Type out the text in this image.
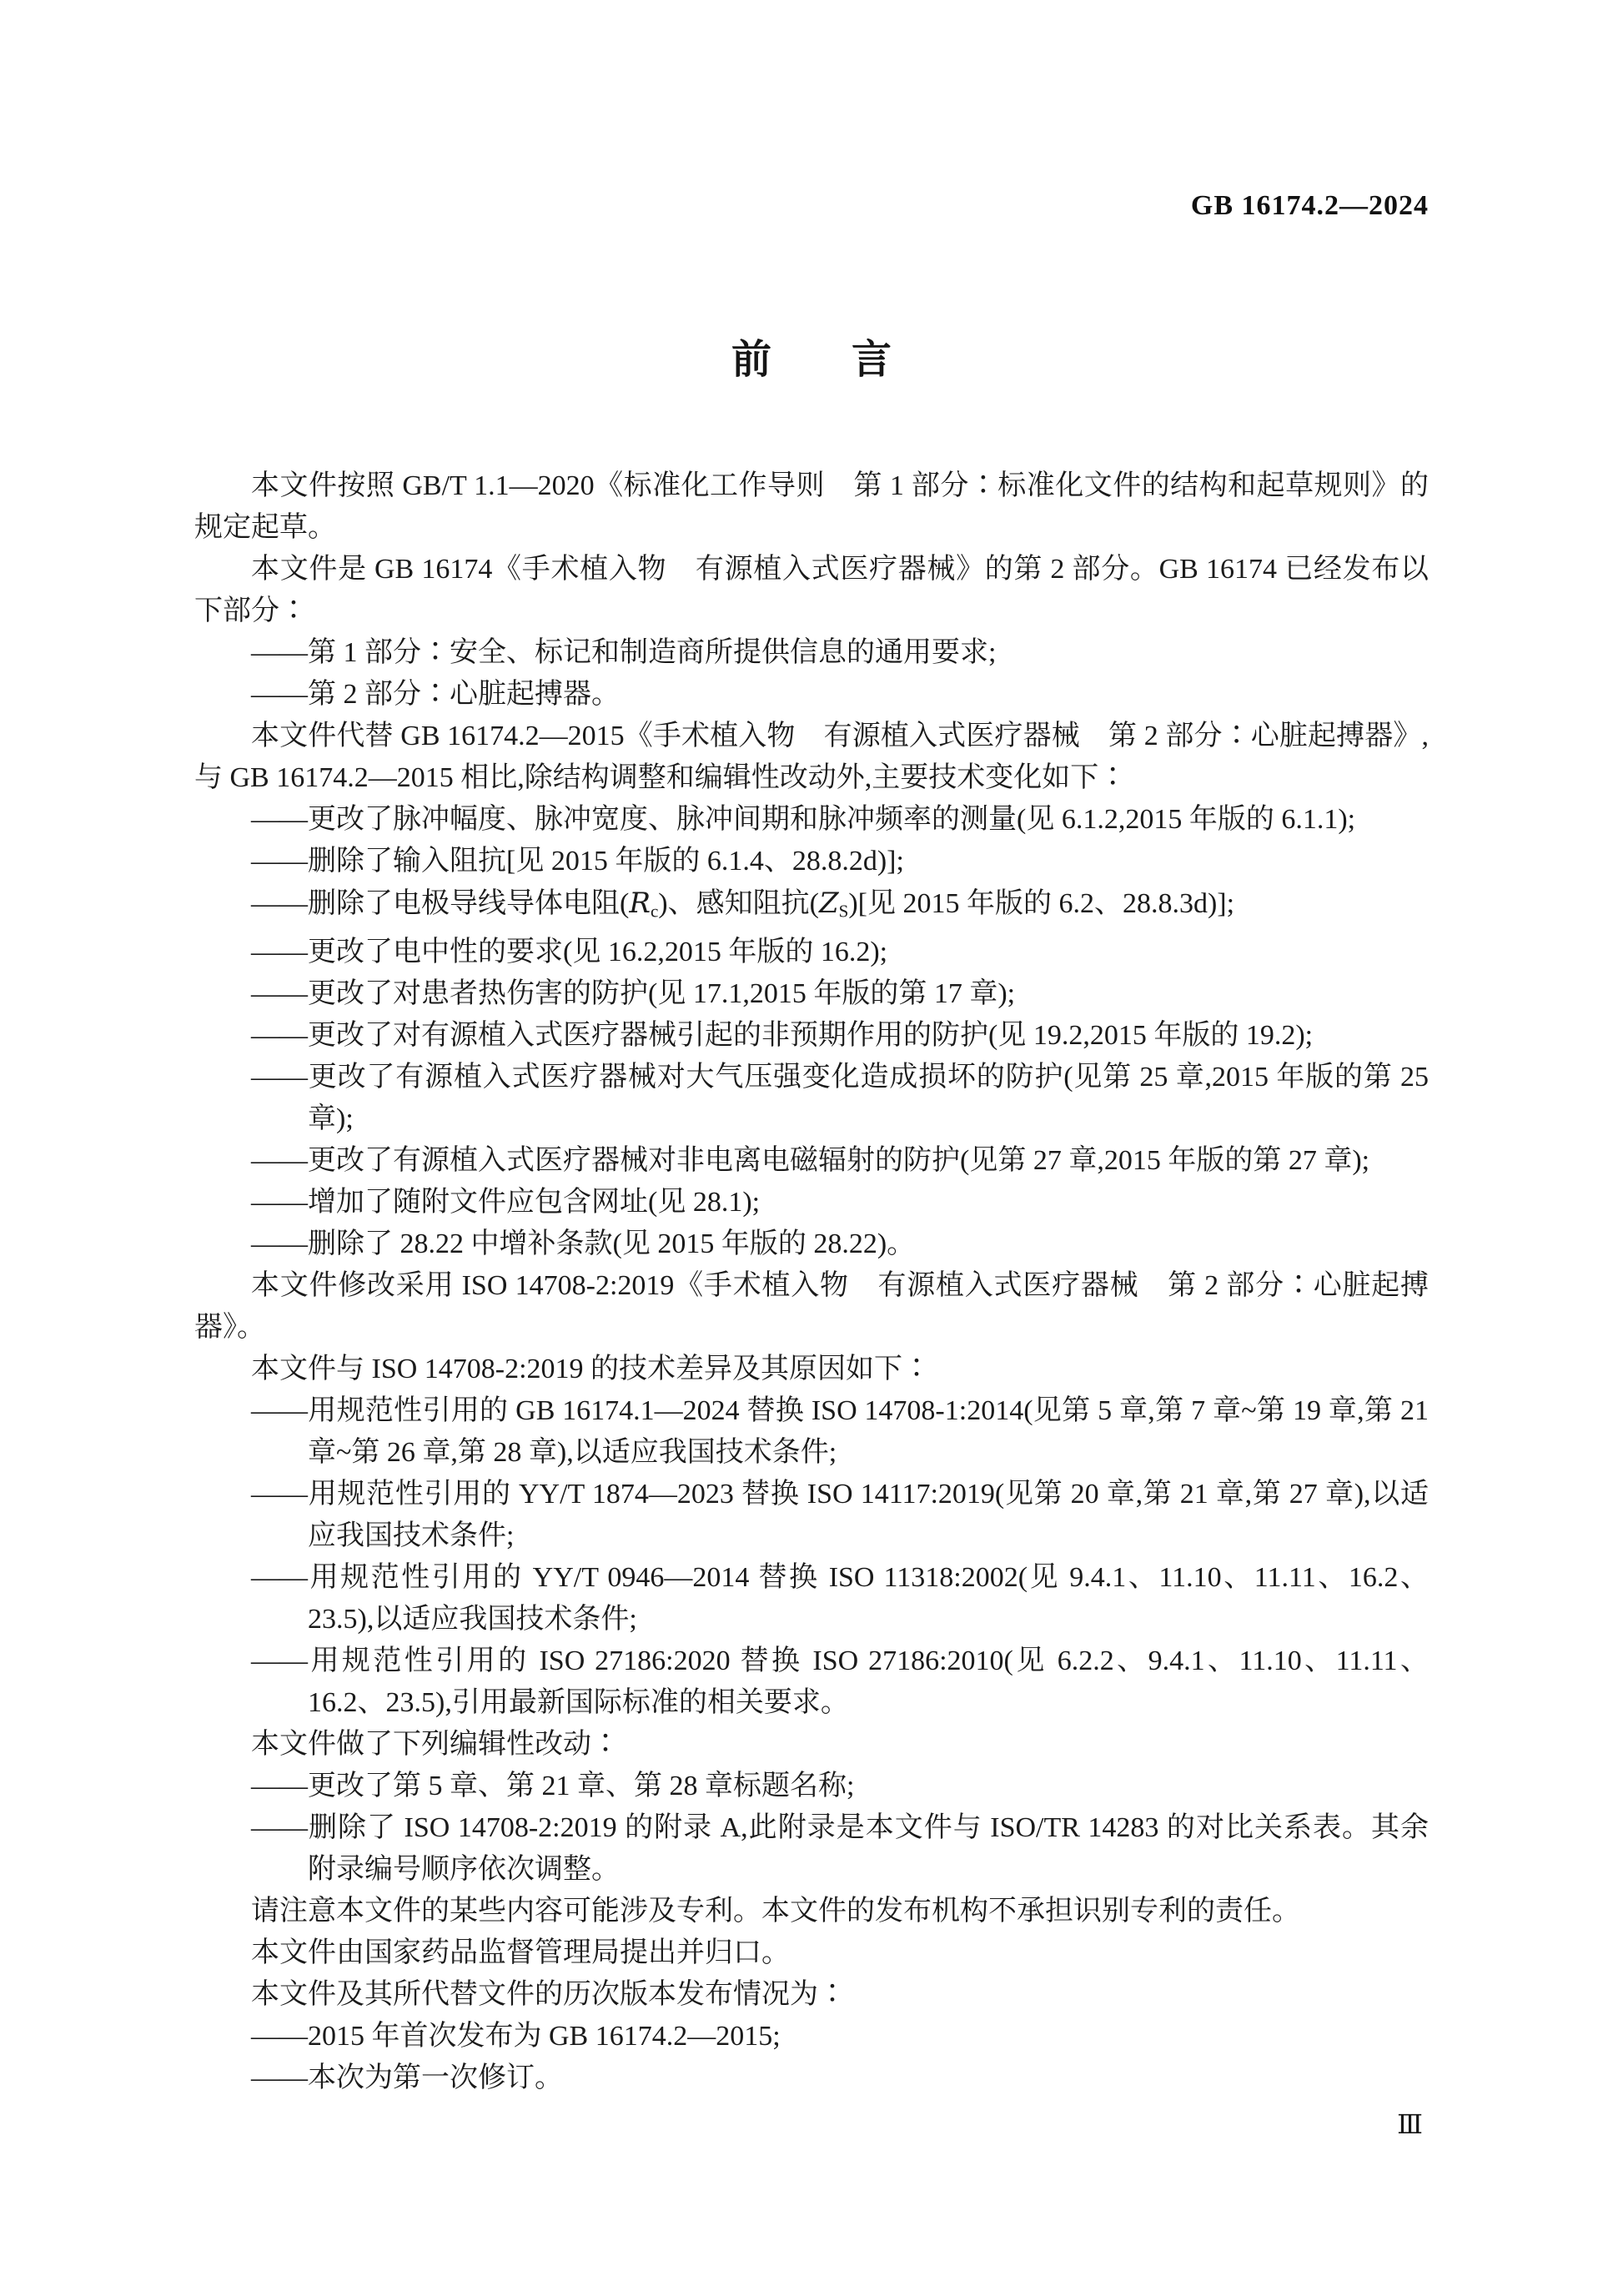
GB 16174.2—2024
前　　言

本文件按照 GB/T 1.1—2020《标准化工作导则　第 1 部分∶标准化文件的结构和起草规则》的规定起草。

本文件是 GB 16174《手术植入物　有源植入式医疗器械》的第 2 部分。GB 16174 已经发布以下部分∶

——第 1 部分∶安全、标记和制造商所提供信息的通用要求;

——第 2 部分∶心脏起搏器。

本文件代替 GB 16174.2—2015《手术植入物　有源植入式医疗器械　第 2 部分∶心脏起搏器》,与 GB 16174.2—2015 相比,除结构调整和编辑性改动外,主要技术变化如下∶

——更改了脉冲幅度、脉冲宽度、脉冲间期和脉冲频率的测量(见 6.1.2,2015 年版的 6.1.1);

——删除了输入阻抗[见 2015 年版的 6.1.4、28.8.2d)];

——删除了电极导线导体电阻(Rc)、感知阻抗(ZS)[见 2015 年版的 6.2、28.8.3d)];

——更改了电中性的要求(见 16.2,2015 年版的 16.2);

——更改了对患者热伤害的防护(见 17.1,2015 年版的第 17 章);

——更改了对有源植入式医疗器械引起的非预期作用的防护(见 19.2,2015 年版的 19.2);

——更改了有源植入式医疗器械对大气压强变化造成损坏的防护(见第 25 章,2015 年版的第 25 章);

——更改了有源植入式医疗器械对非电离电磁辐射的防护(见第 27 章,2015 年版的第 27 章);

——增加了随附文件应包含网址(见 28.1);

——删除了 28.22 中增补条款(见 2015 年版的 28.22)。

本文件修改采用 ISO 14708-2:2019《手术植入物　有源植入式医疗器械　第 2 部分∶心脏起搏器》。

本文件与 ISO 14708-2:2019 的技术差异及其原因如下∶

——用规范性引用的 GB 16174.1—2024 替换 ISO 14708-1:2014(见第 5 章,第 7 章~第 19 章,第 21 章~第 26 章,第 28 章),以适应我国技术条件;

——用规范性引用的 YY/T 1874—2023 替换 ISO 14117:2019(见第 20 章,第 21 章,第 27 章),以适应我国技术条件;

——用规范性引用的 YY/T 0946—2014 替换 ISO 11318:2002(见 9.4.1、11.10、11.11、16.2、23.5),以适应我国技术条件;

——用规范性引用的 ISO 27186:2020 替换 ISO 27186:2010(见 6.2.2、9.4.1、11.10、11.11、16.2、23.5),引用最新国际标准的相关要求。

本文件做了下列编辑性改动∶

——更改了第 5 章、第 21 章、第 28 章标题名称;

——删除了 ISO 14708-2:2019 的附录 A,此附录是本文件与 ISO/TR 14283 的对比关系表。其余附录编号顺序依次调整。

请注意本文件的某些内容可能涉及专利。本文件的发布机构不承担识别专利的责任。

本文件由国家药品监督管理局提出并归口。

本文件及其所代替文件的历次版本发布情况为∶

——2015 年首次发布为 GB 16174.2—2015;

——本次为第一次修订。

Ⅲ
